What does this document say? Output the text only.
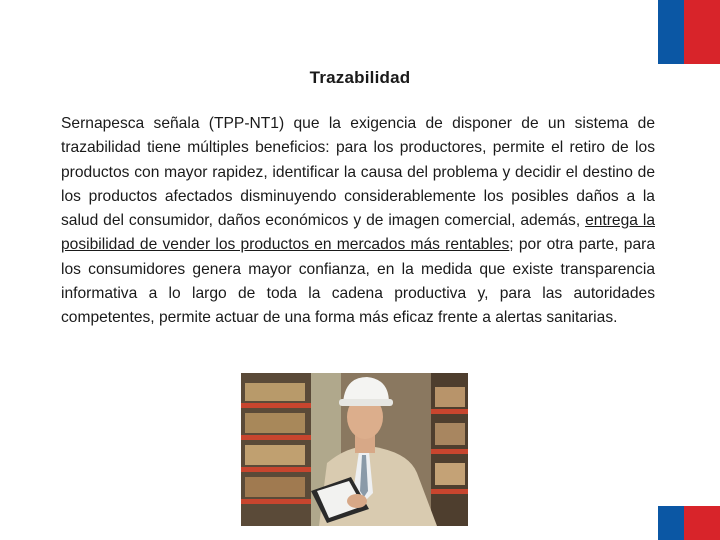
Trazabilidad
Sernapesca señala (TPP-NT1) que la exigencia de disponer de un sistema de trazabilidad tiene múltiples beneficios: para los productores, permite el retiro de los productos con mayor rapidez, identificar la causa del problema y decidir el destino de los productos afectados disminuyendo considerablemente los posibles daños a la salud del consumidor, daños económicos y de imagen comercial, además, entrega la posibilidad de vender los productos en mercados más rentables; por otra parte, para los consumidores genera mayor confianza, en la medida que existe transparencia informativa a lo largo de toda la cadena productiva y, para las autoridades competentes, permite actuar de una forma más eficaz frente a alertas sanitarias.
